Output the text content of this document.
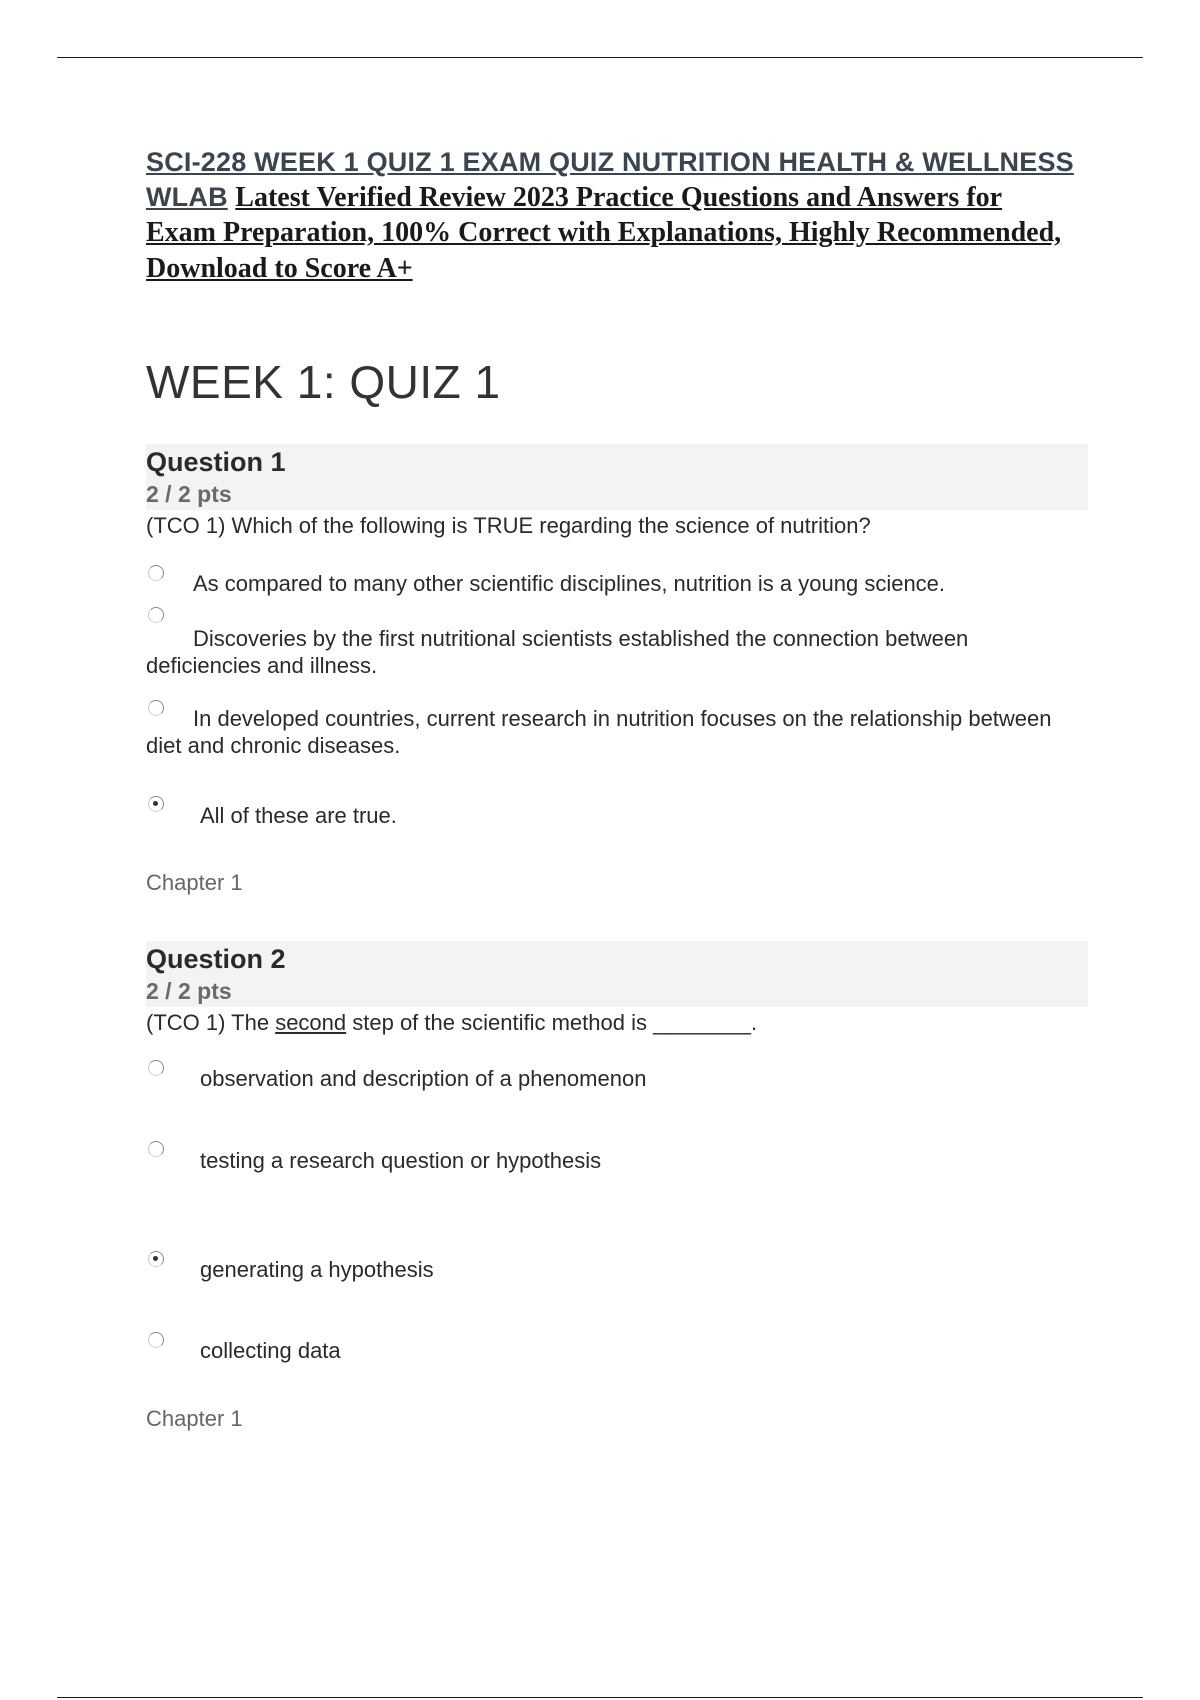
SCI-228 WEEK 1 QUIZ 1 EXAM QUIZ NUTRITION HEALTH & WELLNESS WLAB Latest Verified Review 2023 Practice Questions and Answers for Exam Preparation, 100% Correct with Explanations, Highly Recommended, Download to Score A+
WEEK 1: QUIZ 1
Question 1
2 / 2 pts
(TCO 1) Which of the following is TRUE regarding the science of nutrition?
As compared to many other scientific disciplines, nutrition is a young science.
Discoveries by the first nutritional scientists established the connection between deficiencies and illness.
In developed countries, current research in nutrition focuses on the relationship between diet and chronic diseases.
All of these are true.
Chapter 1
Question 2
2 / 2 pts
(TCO 1) The second step of the scientific method is ________.
observation and description of a phenomenon
testing a research question or hypothesis
generating a hypothesis
collecting data
Chapter 1
